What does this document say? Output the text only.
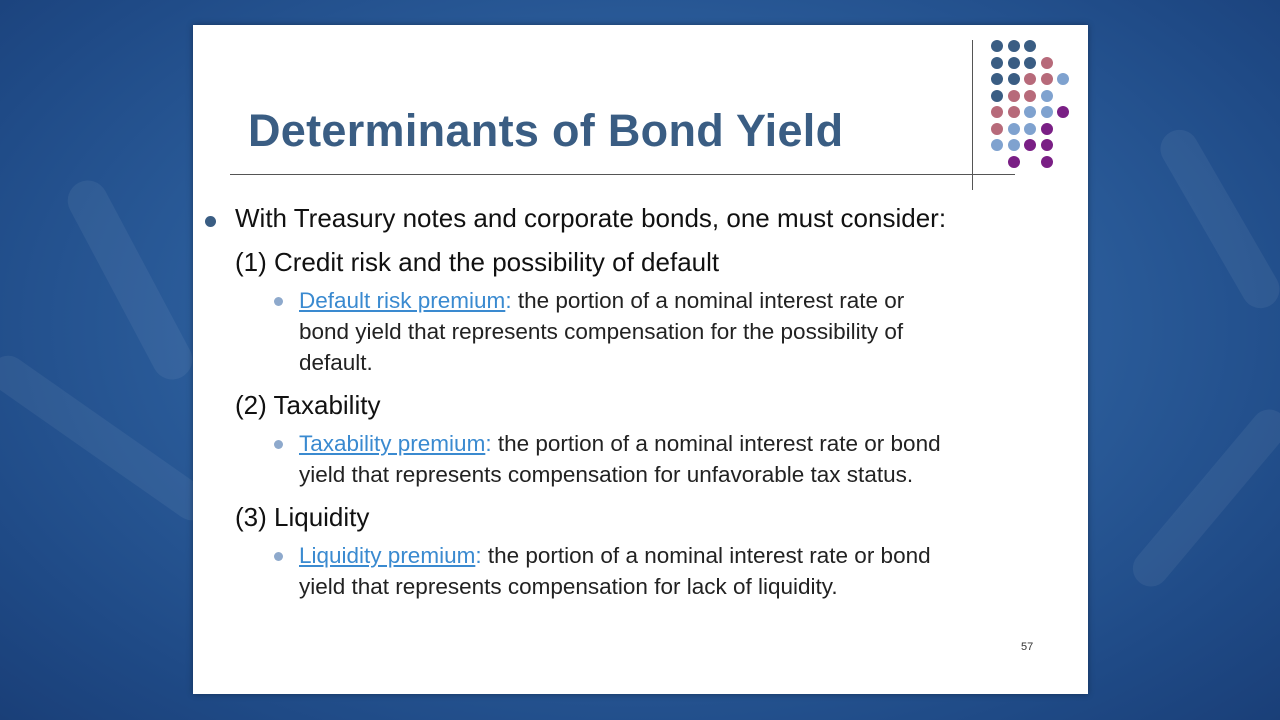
Determinants of Bond Yield
With Treasury notes and corporate bonds, one must consider:
(1) Credit risk and the possibility of default
Default risk premium: the portion of a nominal interest rate or
bond yield that represents compensation for the possibility of
default.
(2) Taxability
Taxability premium: the portion of a nominal interest rate or bond
yield that represents compensation for unfavorable tax status.
(3) Liquidity
Liquidity premium: the portion of a nominal interest rate or bond
yield that represents compensation for lack of liquidity.
57
